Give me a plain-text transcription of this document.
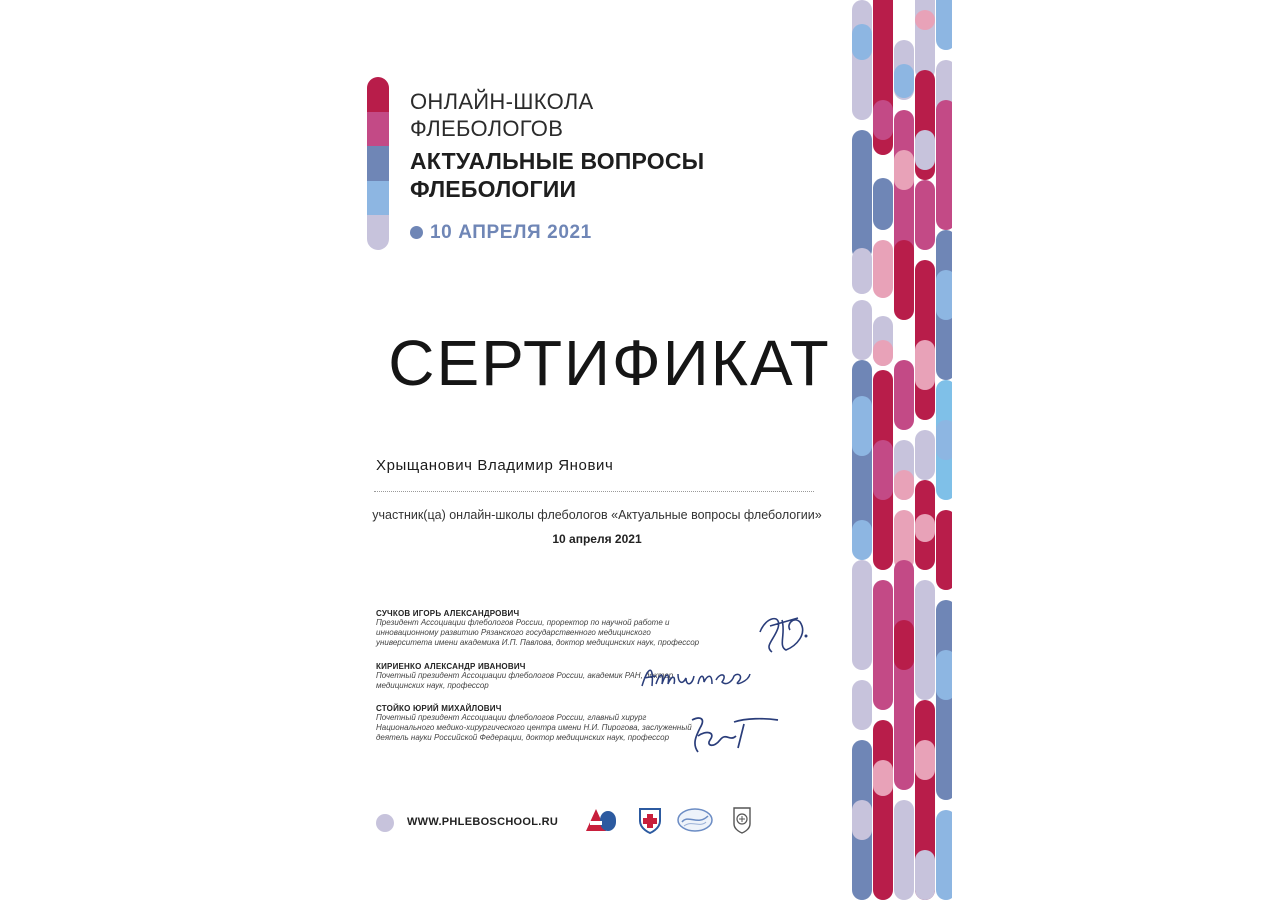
ОНЛАЙН-ШКОЛА
ФЛЕБОЛОГОВ
АКТУАЛЬНЫЕ ВОПРОСЫ
ФЛЕБОЛОГИИ
10 АПРЕЛЯ 2021
СЕРТИФИКАТ
Хрыщанович Владимир Янович
участник(ца) онлайн-школы флебологов «Актуальные вопросы флебологии»
10 апреля 2021
СУЧКОВ ИГОРЬ АЛЕКСАНДРОВИЧ
Президент Ассоциации флебологов России, проректор по научной работе и инновационному развитию Рязанского государственного медицинского университета имени академика И.П. Павлова, доктор медицинских наук, профессор
КИРИЕНКО АЛЕКСАНДР ИВАНОВИЧ
Почетный президент Ассоциации флебологов России, академик РАН, доктор медицинских наук, профессор
СТОЙКО ЮРИЙ МИХАЙЛОВИЧ
Почетный президент Ассоциации флебологов России, главный хирург Национального медико-хирургического центра имени Н.И. Пирогова, заслуженный деятель науки Российской Федерации, доктор медицинских наук, профессор
WWW.PHLEBOSCHOOL.RU
